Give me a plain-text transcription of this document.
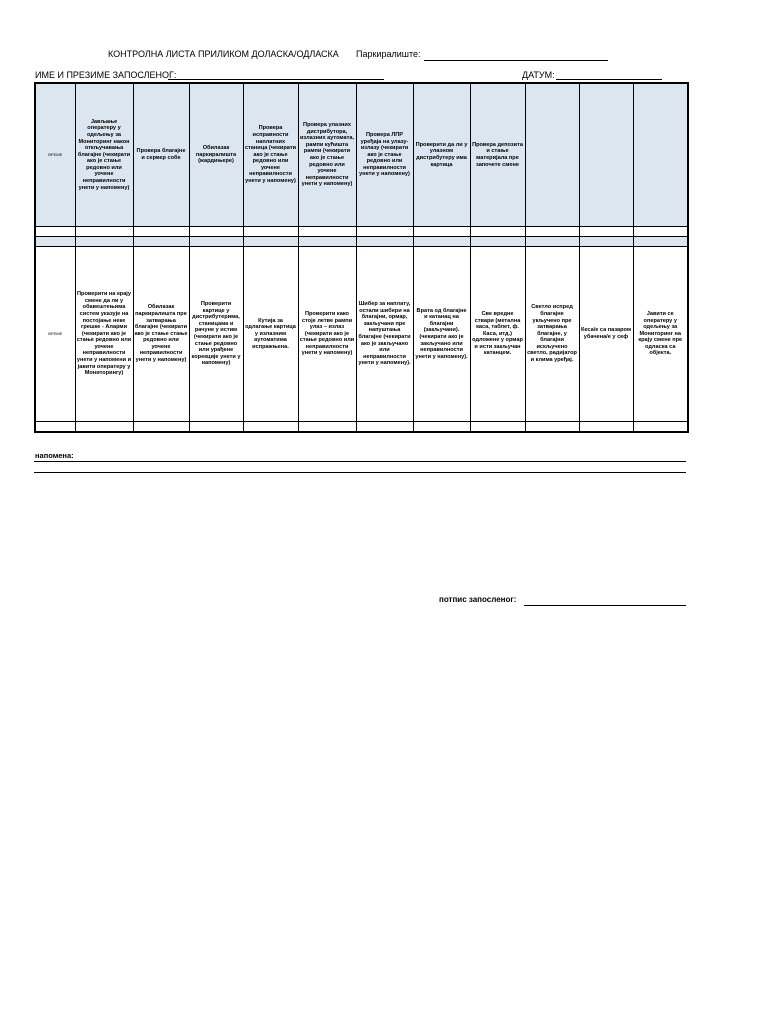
КОНТРОЛНА ЛИСТА ПРИЛИКОМ ДОЛАСКА/ОДЛАСКА Паркиралиште:
ИМЕ И ПРЕЗИМЕ ЗАПОСЛЕНОГ:	ДАТУМ:
ВРЕМЕ	Јављање оператеру у одељењу за Мониторинг након откључавања благајне (чекирати ако је стање редовно или уочене неправилности унети у напомену)	Провера благајне и сервер собе	Обилазак паркиралишта (жардињере)	Провера исправности наплатних станица (чекирати ако је стање редовно или уочене неправилности унети у напомену)	Провера улазних дистрибутора, излазних аутомата, рампи кућишта рампи (чекирати ако је стање редовно или уочене неправилности унети у напомену)	Провера ЛПР уређаја на улазу-излазу (чекирати ако је стање редовно или неправилности унети у напомену)	Проверити да ли у улазном дистрибутеру има картица	Провера депозита и стање материјала пре започете смене			

ВРЕМЕ	Проверити на крају смене да ли у обавештењима систем указује на постојање неке грешке - Аларми (чекирати ако је стање редовно или уочене неправилности унети у напомени и јавити оператеру у Мониторингу)	Обилазак паркиралишта пре затварања благајне (чекирати ако је стање стање редовно или уочене неправилности унети у напомену)	Проверити картице у дистрибутерима, станицама и рачуне у истим (чекирати ако је стање редовно или урађене корекције унети у напомену)	Кутија за одлагање картица у излазним аутоматима испражњена.	Проверити како стоје летве рампи улаз – излаз (чекирати ако је стање редовно или неправилности унети у напомену)	Шибер за наплату, остали шибери на благајни, ормар, закључани пре напуштања благајне (чекирати ако је закључано или неправилности унети у напомену).	Врата од благајне и катанац на благајни (закључани). (чекирати ако је закључано или неправилности унети у напомену).	Све вредне ствари (метална каса, таблет, ф. Каса, итд.) одложене у ормар и исти закључан катанцем.	Светло испред благајне укључено пре затварања благајне, у благајни искључено светло, радијатор и клима уређај.	Кеса/е са пазаром убачена/е у сеф	Јавити се оператеру у одељењу за Мониторинг на крају смене пре одласка са објекта.

напомена:
потпис запосленог:
